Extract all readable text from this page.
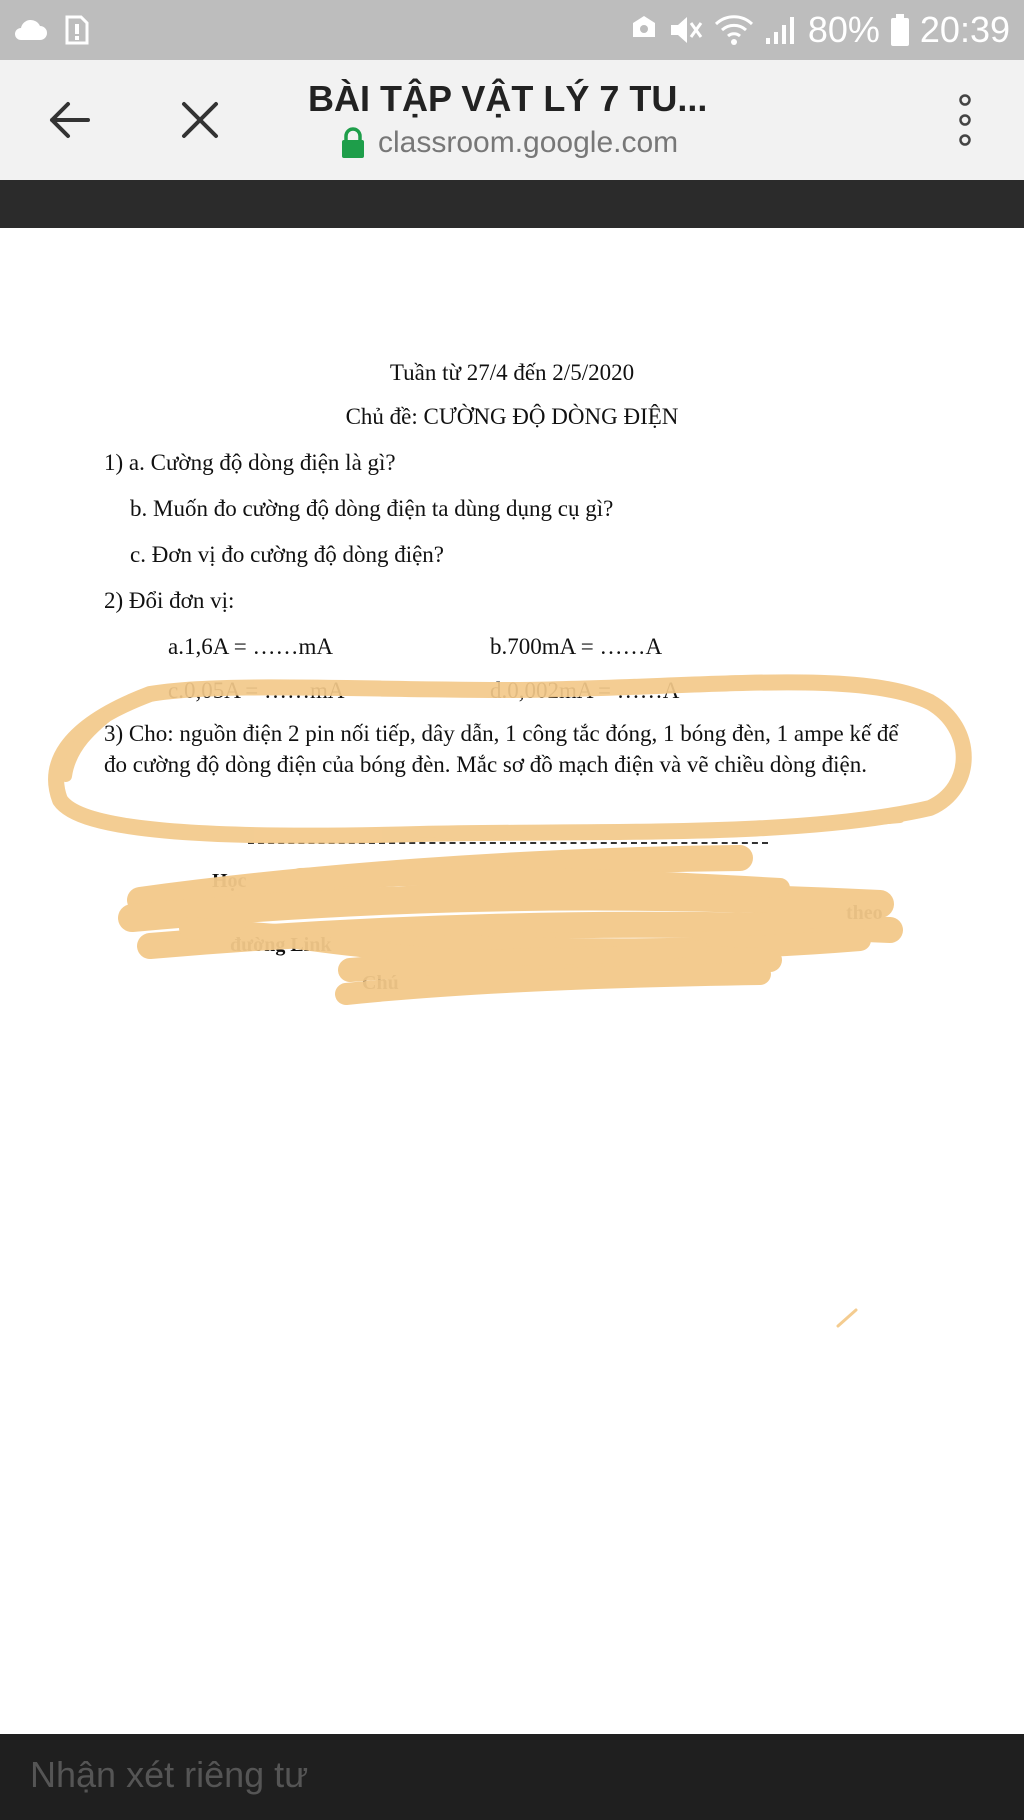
80% 20:39
BÀI TẬP VẬT LÝ 7 TU...
classroom.google.com
Tuần từ 27/4 đến 2/5/2020
Chủ đề: CƯỜNG ĐỘ DÒNG ĐIỆN
1) a. Cường độ dòng điện là gì?
b. Muốn đo cường độ dòng điện ta dùng dụng cụ gì?
c. Đơn vị đo cường độ dòng điện?
2) Đổi đơn vị:
a.1,6A = ……mA	b.700mA = ……A
c.0,05A = ……mA	d.0,002mA = ……A
3) Cho: nguồn điện 2 pin nối tiếp, dây dẫn, 1 công tắc đóng, 1 bóng đèn, 1 ampe kế để đo cường độ dòng điện của bóng đèn. Mắc sơ đồ mạch điện và vẽ chiều dòng điện.
Học
theo
đường Link
Chú
Nhận xét riêng tư
